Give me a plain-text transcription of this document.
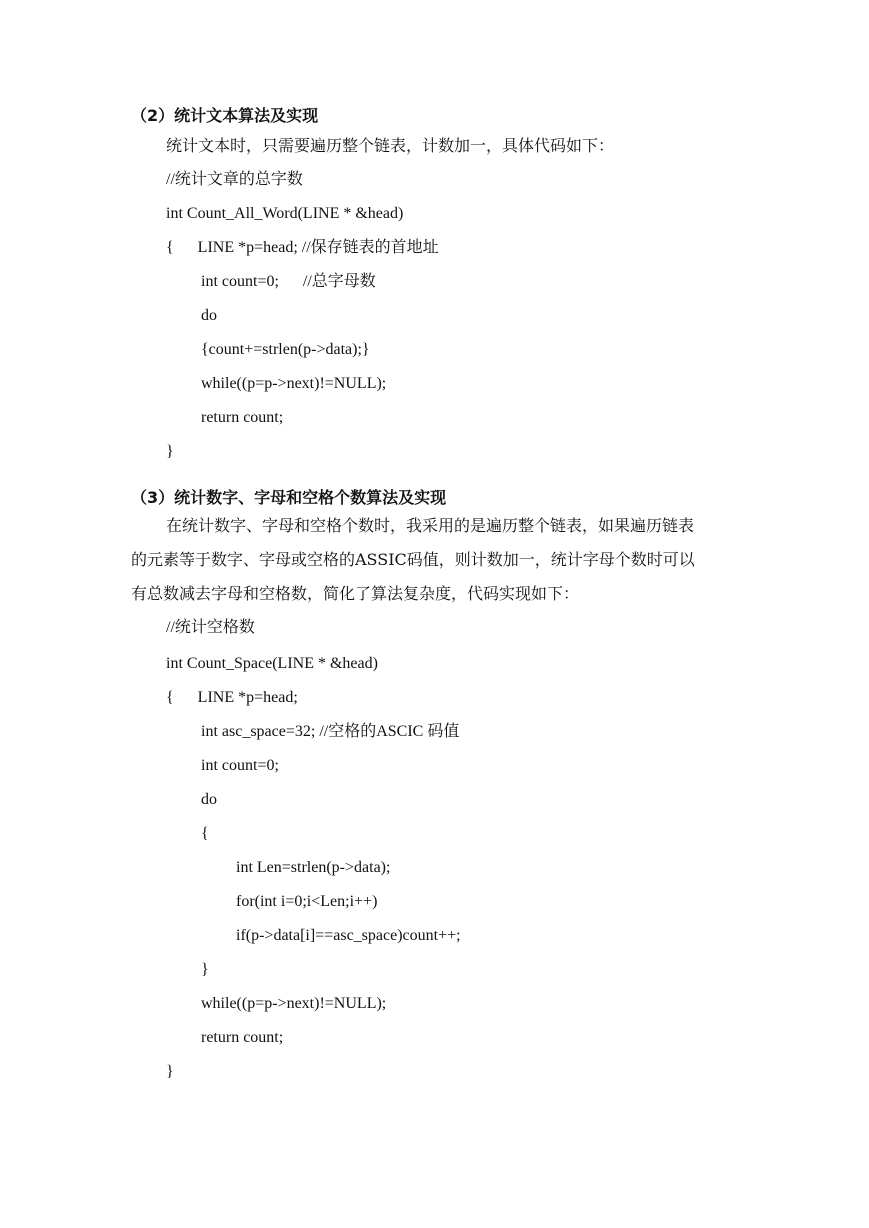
（2）统计文本算法及实现
统计文本时，只需要遍历整个链表，计数加一，具体代码如下：
//统计文章的总字数
int Count_All_Word(LINE * &head)
{      LINE *p=head; //保存链表的首地址
int count=0;      //总字母数
do
{count+=strlen(p->data);}
while((p=p->next)!=NULL);
return count;
}
（3）统计数字、字母和空格个数算法及实现
在统计数字、字母和空格个数时，我采用的是遍历整个链表，如果遍历链表
的元素等于数字、字母或空格的ASSIC码值，则计数加一，统计字母个数时可以
有总数减去字母和空格数，简化了算法复杂度，代码实现如下：
//统计空格数
int Count_Space(LINE * &head)
{      LINE *p=head;
int asc_space=32; //空格的ASCIC 码值
int count=0;
do
{
int Len=strlen(p->data);
for(int i=0;i<Len;i++)
if(p->data[i]==asc_space)count++;
}
while((p=p->next)!=NULL);
return count;
}
